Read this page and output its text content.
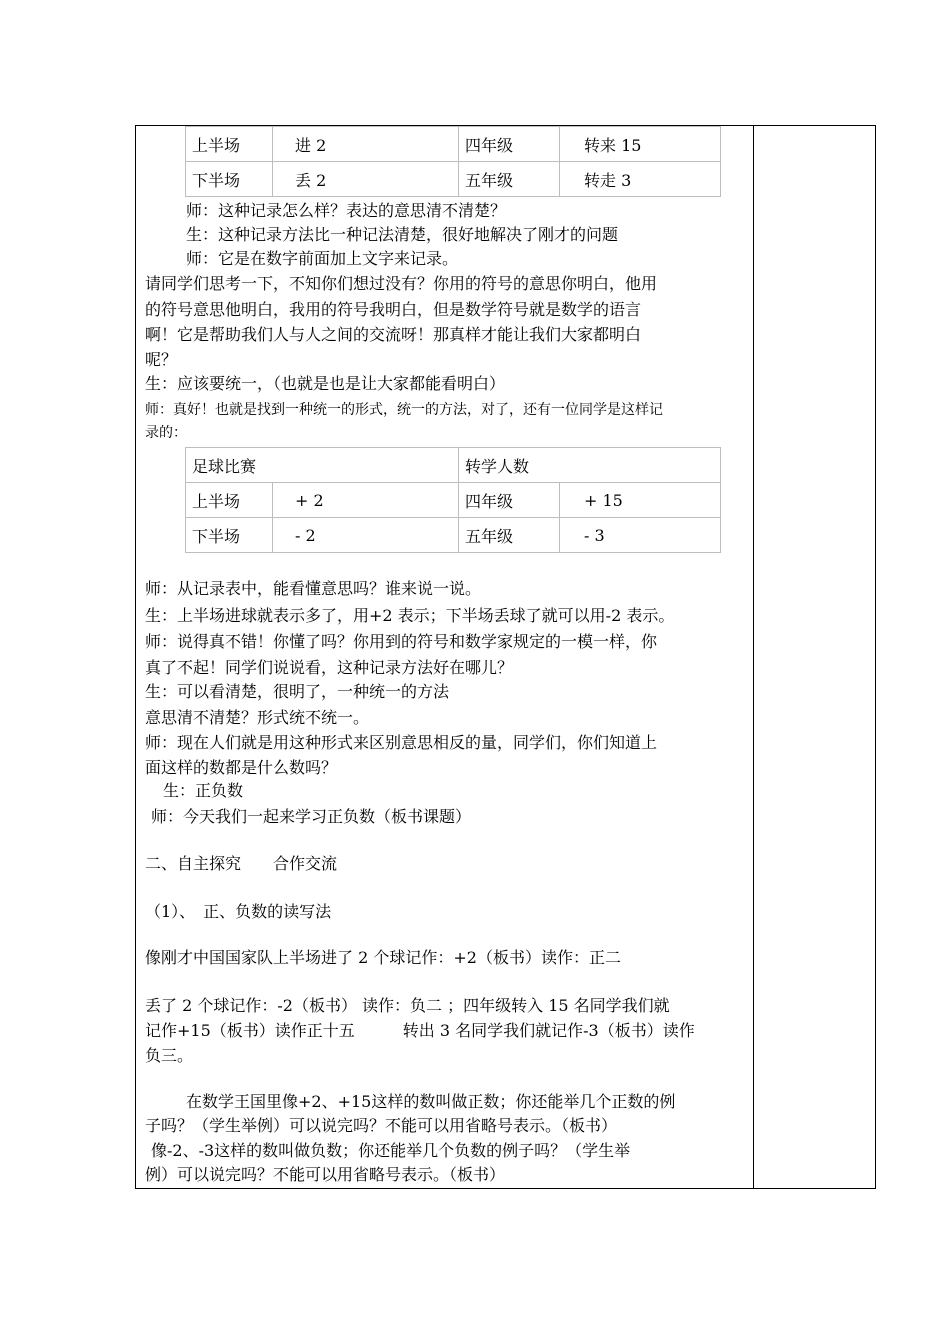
上半场	进 2	四年级	转来 15
下半场	丢 2	五年级	转走 3
师：这种记录怎么样？表达的意思清不清楚？
生：这种记录方法比一种记法清楚，很好地解决了刚才的问题
师：它是在数字前面加上文字来记录。
请同学们思考一下，不知你们想过没有？你用的符号的意思你明白，他用
的符号意思他明白，我用的符号我明白，但是数学符号就是数学的语言
啊！它是帮助我们人与人之间的交流呀！那真样才能让我们大家都明白
呢？
生：应该要统一，（也就是也是让大家都能看明白）
师：真好！也就是找到一种统一的形式，统一的方法，对了，还有一位同学是这样记
录的：
足球比赛		转学人数	
上半场	+ 2	四年级	+ 15
下半场	- 2	五年级	- 3
师：从记录表中，能看懂意思吗？谁来说一说。
生：上半场进球就表示多了，用+2 表示；下半场丢球了就可以用-2 表示。
师：说得真不错！你懂了吗？你用到的符号和数学家规定的一模一样，你
真了不起！同学们说说看，这种记录方法好在哪儿？
生：可以看清楚，很明了，一种统一的方法
意思清不清楚？形式统不统一。
师：现在人们就是用这种形式来区别意思相反的量，同学们，你们知道上
面这样的数都是什么数吗？
生：正负数
师：今天我们一起来学习正负数（板书课题）
二、自主探究　　合作交流
（1）、　正、负数的读写法
像刚才中国国家队上半场进了 2 个球记作：+2（板书）读作：正二
丢了 2 个球记作：-2（板书） 读作：负二 ；四年级转入 15 名同学我们就
记作+15（板书）读作正十五　　　转出 3 名同学我们就记作-3（板书）读作
负三。
在数学王国里像+2、+15这样的数叫做正数；你还能举几个正数的例
子吗？（学生举例）可以说完吗？不能可以用省略号表示。（板书）
像-2、-3这样的数叫做负数；你还能举几个负数的例子吗？（学生举
例）可以说完吗？不能可以用省略号表示。（板书）
